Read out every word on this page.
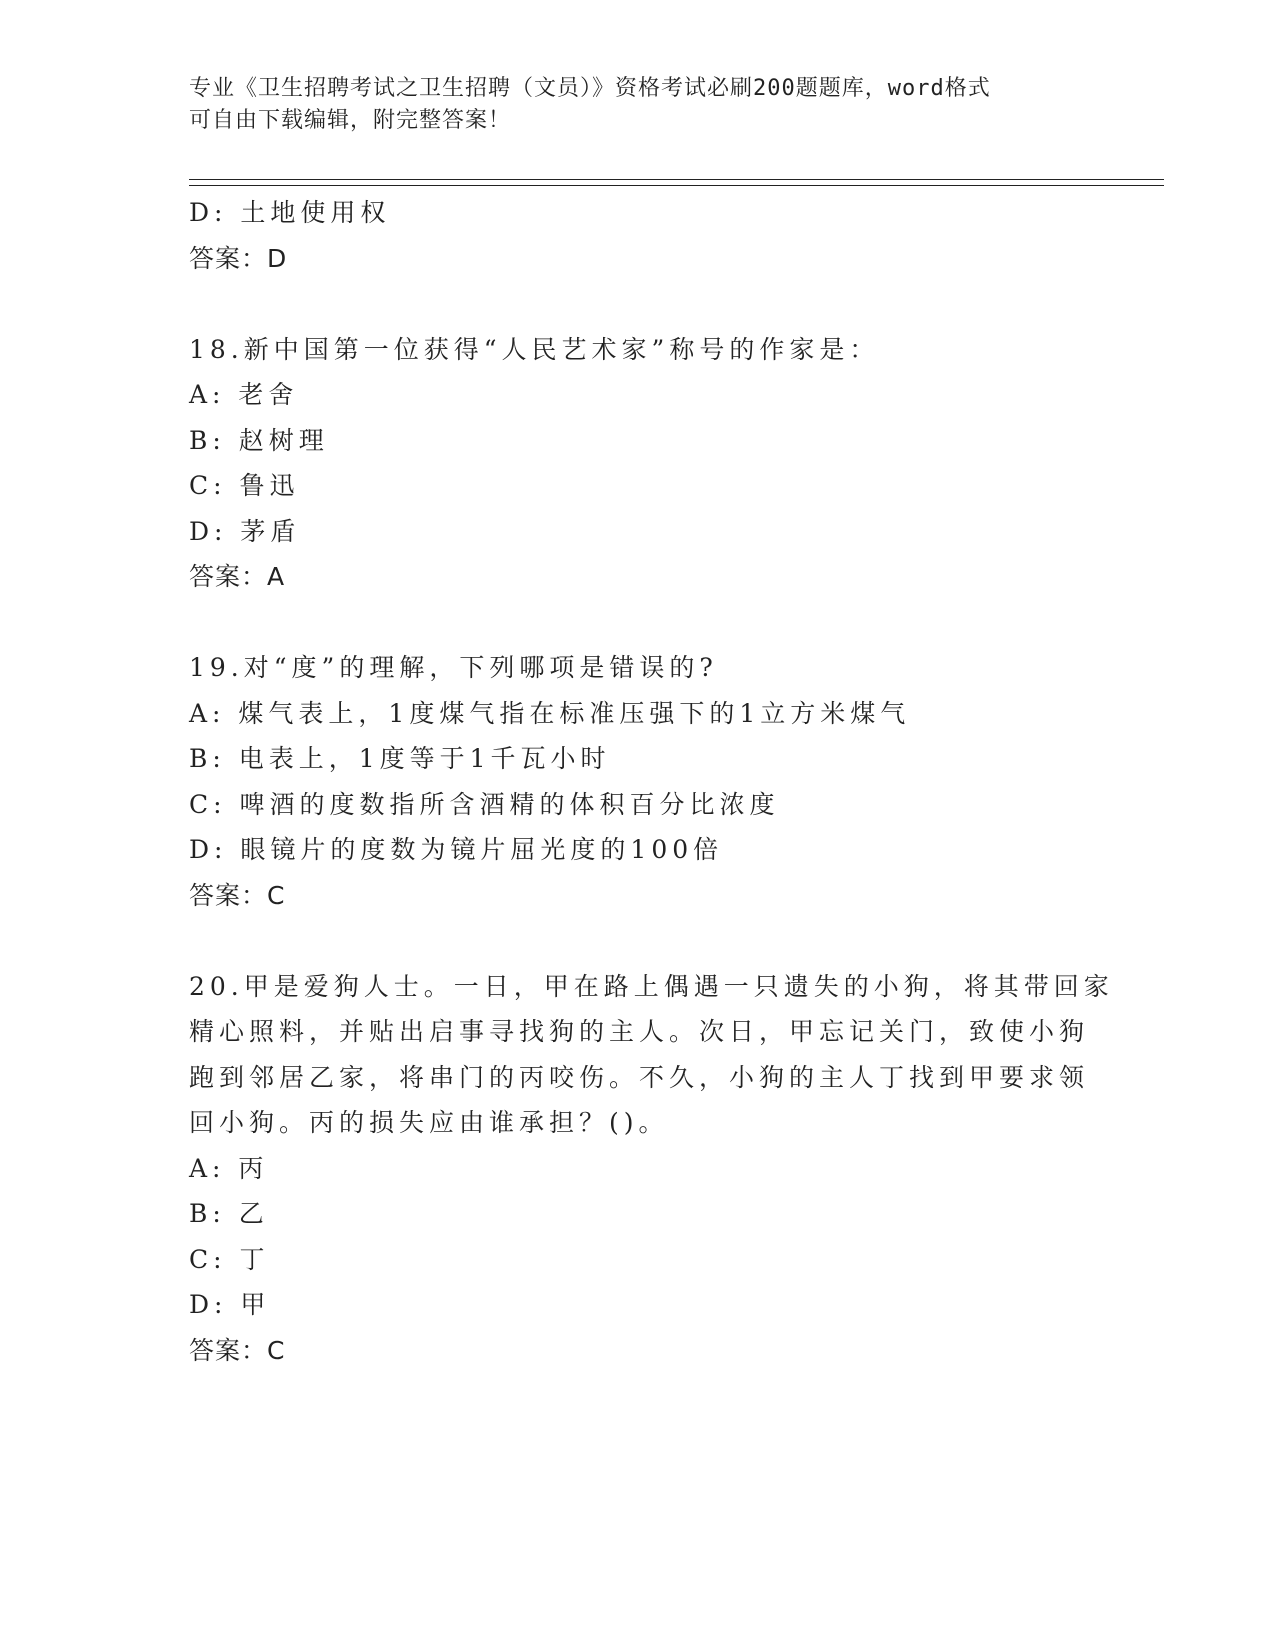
专业《卫生招聘考试之卫生招聘（文员）》资格考试必刷200题题库，word格式
可自由下载编辑，附完整答案！
D: 土地使用权
答案：D
18.新中国第一位获得“人民艺术家”称号的作家是：
A: 老舍
B: 赵树理
C: 鲁迅
D: 茅盾
答案：A
19.对“度”的理解，下列哪项是错误的?
A: 煤气表上，1度煤气指在标准压强下的1立方米煤气
B: 电表上，1度等于1千瓦小时
C: 啤酒的度数指所含酒精的体积百分比浓度
D: 眼镜片的度数为镜片屈光度的100倍
答案：C
20.甲是爱狗人士。一日，甲在路上偶遇一只遗失的小狗，将其带回家
精心照料，并贴出启事寻找狗的主人。次日，甲忘记关门，致使小狗
跑到邻居乙家，将串门的丙咬伤。不久，小狗的主人丁找到甲要求领
回小狗。丙的损失应由谁承担？()。
A: 丙
B: 乙
C: 丁
D: 甲
答案：C
